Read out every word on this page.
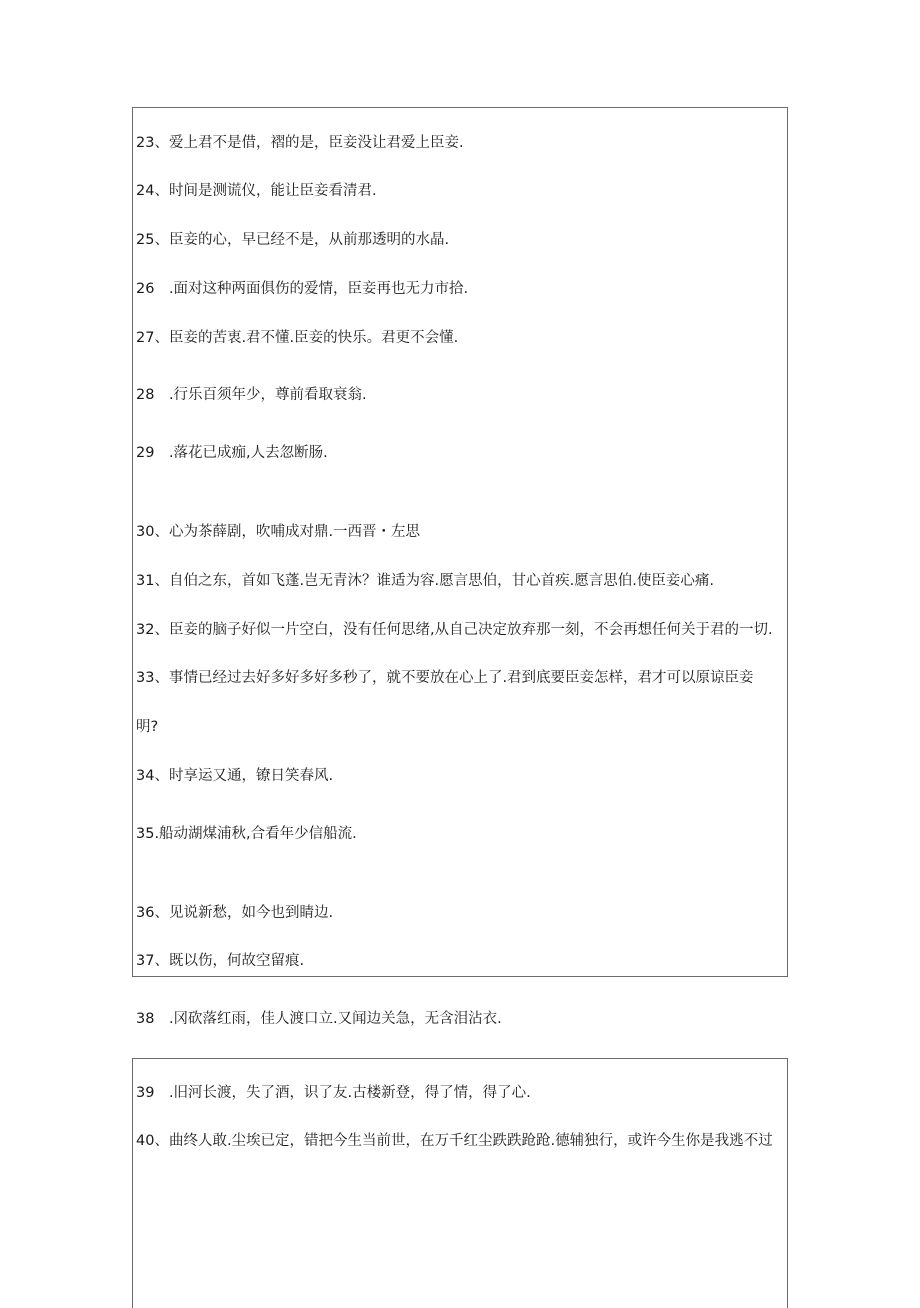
23、爱上君不是借，褶的是，臣妾没让君爱上臣妾.
24、时间是测谎仪，能让臣妾看清君.
25、臣妾的心，早已经不是，从前那透明的水晶.
26　.面对这种两面俱伤的爱情，臣妾再也无力市拾.
27、臣妾的苦衷.君不懂.臣妾的快乐。君更不会懂.
28　.行乐百须年少，尊前看取衰翁.
29　.落花已成痂,人去忽断肠.
30、心为茶薛剧，吹哺成对鼎.一西晋・左思
31、自伯之东，首如飞蓬.岂无青沐？谁适为容.愿言思伯，甘心首疾.愿言思伯.使臣妾心痛.
32、臣妾的脑子好似一片空白，没有任何思绪,从自己决定放弃那一刻，不会再想任何关于君的一切.
33、事情已经过去好多好多好多秒了，就不要放在心上了.君到底要臣妾怎样，君才可以原谅臣妾
明?
34、时享运又通，镣日笑春风.
35.船动湖煤浦秋,合看年少信船流.
36、见说新愁，如今也到睛边.
37、既以伤，何故空留痕.
38　.冈砍落红雨，佳人渡口立.又闻边关急，无含泪沾衣.
39　.旧河长渡，失了酒，识了友.古楼新登，得了情，得了心.
40、曲终人敢.尘埃已定，错把今生当前世，在万千红尘跌跌跄跄.德辅独行，或许今生你是我逃不过
